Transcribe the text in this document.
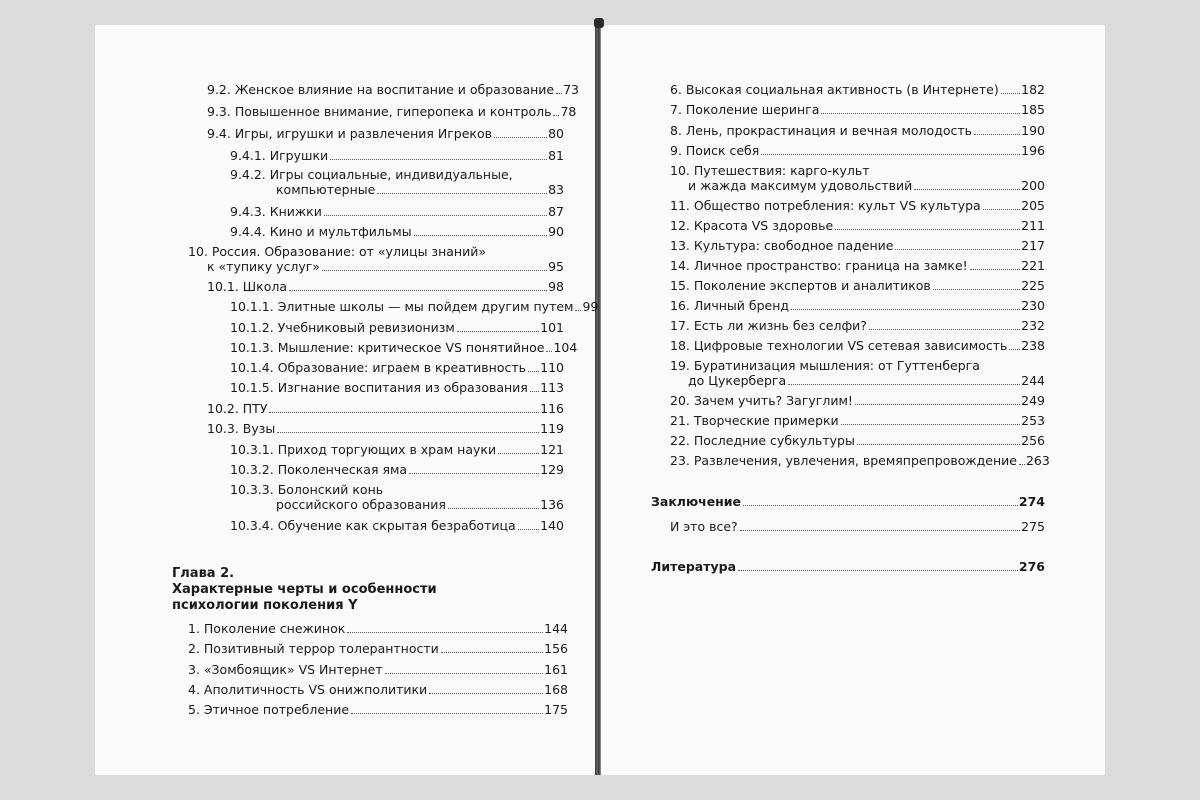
9.2. Женское влияние на воспитание и образование 73
9.3. Повышенное внимание, гиперопека и контроль 78
9.4. Игры, игрушки и развлечения Игреков	80
9.4.1. Игрушки	81
9.4.2. Игры социальные, индивидуальные,
компьютерные	83
9.4.3. Книжки	87
9.4.4. Кино и мультфильмы	90
10. Россия. Образование: от «улицы знаний»
к «тупику услуг»	95
10.1. Школа	98
10.1.1. Элитные школы — мы пойдем другим путем 99
10.1.2. Учебниковый ревизионизм	101
10.1.3. Мышление: критическое VS понятийное 104
10.1.4. Образование: играем в креативность 110
10.1.5. Изгнание воспитания из образования 113
10.2. ПТУ	116
10.3. Вузы	119
10.3.1. Приход торгующих в храм науки	121
10.3.2. Поколенческая яма	129
10.3.3. Болонский конь
российского образования	136
10.3.4. Обучение как скрытая безработица 140
Глава 2.
Характерные черты и особенности
психологии поколения Y
1. Поколение снежинок	144
2. Позитивный террор толерантности	156
3. «Зомбоящик» VS Интернет	161
4. Аполитичность VS онижполитики	168
5. Этичное потребление	175
6. Высокая социальная активность (в Интернете) 182
7. Поколение шеринга	185
8. Лень, прокрастинация и вечная молодость	190
9. Поиск себя	196
10. Путешествия: карго-культ
и жажда максимум удовольствий	200
11. Общество потребления: культ VS культура	205
12. Красота VS здоровье	211
13. Культура: свободное падение	217
14. Личное пространство: граница на замке!	221
15. Поколение экспертов и аналитиков	225
16. Личный бренд	230
17. Есть ли жизнь без селфи?	232
18. Цифровые технологии VS сетевая зависимость 238
19. Буратинизация мышления: от Гуттенберга
до Цукерберга	244
20. Зачем учить? Загуглим!	249
21. Творческие примерки	253
22. Последние субкультуры	256
23. Развлечения, увлечения, времяпрепровождение 263
Заключение	274
И это все?	275
Литература	276
